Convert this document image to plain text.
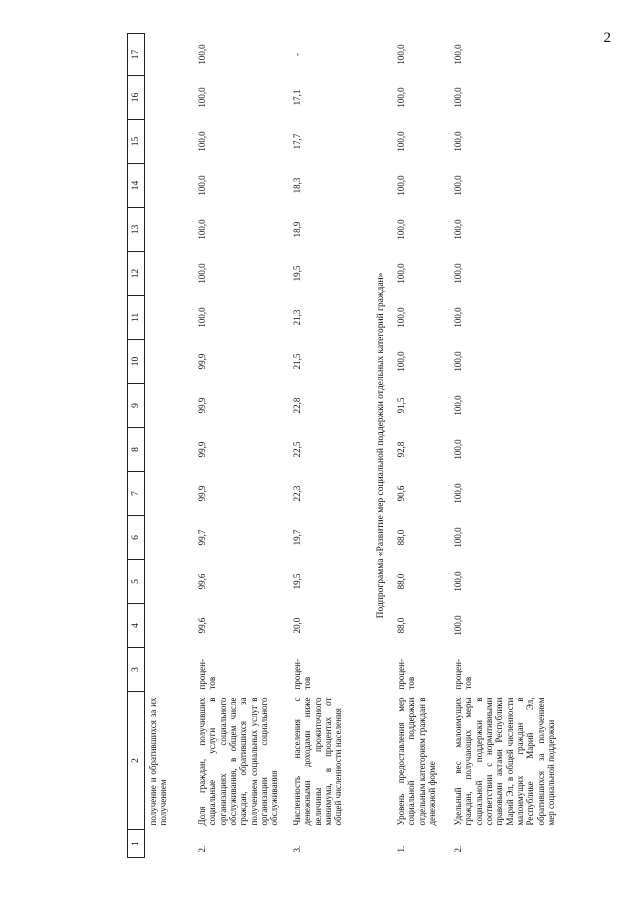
2
1	2	3	4	5	6	7	8	9	10	11	12	13	14	15	16	17
	получение и обратившихся за их получением															
2.	Доля граждан, получивших социальные услуги в организациях социального обслуживания, в общем числе граждан, обратившихся за получением социальных услуг в организации социального обслуживания	процен-тов	99,6	99,6	99,7	99,9	99,9	99,9	99,9	100,0	100,0	100,0	100,0	100,0	100,0	100,0
3.	Численность населения с денежными доходами ниже величины прожиточного минимума, в процентах от общей численности населения	процен-тов	20,0	19,5	19,7	22,3	22,5	22,8	21,5	21,3	19,5	18,9	18,3	17,7	17,1	-
Подпрограмма «Развитие мер социальной поддержки отдельных категорий граждан»																
1.	Уровень предоставления мер социальной поддержки отдельным категориям граждан в денежной форме	процен-тов	88,0	88,0	88,0	90,6	92,8	91,5	100,0	100,0	100,0	100,0	100,0	100,0	100,0	100,0
2.	Удельный вес малоимущих граждан, получающих меры социальной поддержки в соответствии с нормативными правовыми актами Республики Марий Эл, в общей численности малоимущих граждан в Республике Марий Эл, обратившихся за получением мер социальной поддержки	процен-тов	100,0	100,0	100,0	100,0	100,0	100,0	100,0	100,0	100,0	100,0	100,0	100,0	100,0	100,0
